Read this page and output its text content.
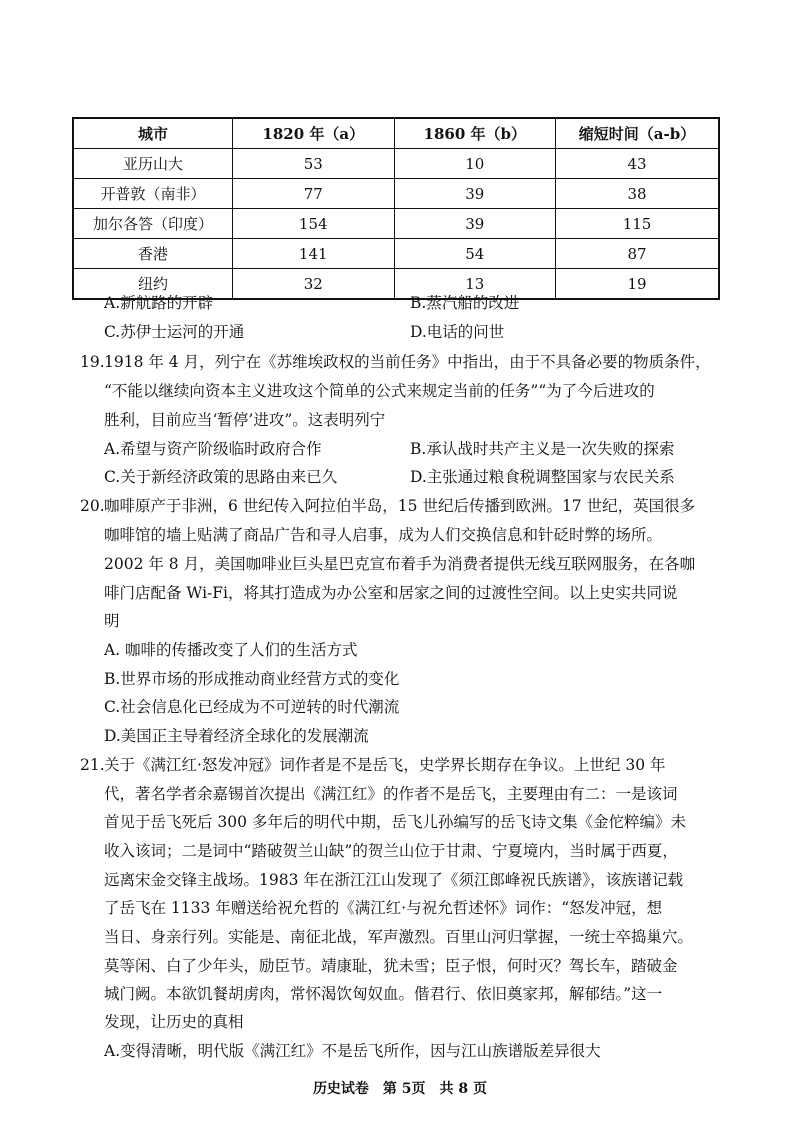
城市	1820 年（a）	1860 年（b）	缩短时间（a-b）
亚历山大	53	10	43
开普敦（南非）	77	39	38
加尔各答（印度）	154	39	115
香港	141	54	87
纽约	32	13	19
A.新航路的开辟	B.蒸汽船的改进
C.苏伊士运河的开通	D.电话的问世
19. 1918 年 4 月，列宁在《苏维埃政权的当前任务》中指出，由于不具备必要的物质条件，
“不能以继续向资本主义进攻这个简单的公式来规定当前的任务”“为了今后进攻的
胜利，目前应当‘暂停’进攻”。这表明列宁
A.希望与资产阶级临时政府合作	B.承认战时共产主义是一次失败的探索
C.关于新经济政策的思路由来已久	D.主张通过粮食税调整国家与农民关系
20. 咖啡原产于非洲，6 世纪传入阿拉伯半岛，15 世纪后传播到欧洲。17 世纪，英国很多
咖啡馆的墙上贴满了商品广告和寻人启事，成为人们交换信息和针砭时弊的场所。
2002 年 8 月，美国咖啡业巨头星巴克宣布着手为消费者提供无线互联网服务，在各咖
啡门店配备 Wi-Fi，将其打造成为办公室和居家之间的过渡性空间。以上史实共同说
明
A. 咖啡的传播改变了人们的生活方式
B.世界市场的形成推动商业经营方式的变化
C.社会信息化已经成为不可逆转的时代潮流
D.美国正主导着经济全球化的发展潮流
21. 关于《满江红·怒发冲冠》词作者是不是岳飞，史学界长期存在争议。上世纪 30 年
代，著名学者余嘉锡首次提出《满江红》的作者不是岳飞，主要理由有二：一是该词
首见于岳飞死后 300 多年后的明代中期，岳飞儿孙编写的岳飞诗文集《金佗粹编》未
收入该词；二是词中“踏破贺兰山缺”的贺兰山位于甘肃、宁夏境内，当时属于西夏，
远离宋金交锋主战场。1983 年在浙江江山发现了《须江郎峰祝氏族谱》，该族谱记载
了岳飞在 1133 年赠送给祝允哲的《满江红·与祝允哲述怀》词作：“怒发冲冠，想
当日、身亲行列。实能是、南征北战，军声激烈。百里山河归掌握，一统士卒捣巢穴。
莫等闲、白了少年头，励臣节。靖康耻，犹未雪；臣子恨，何时灭？驾长车，踏破金
城门阙。本欲饥餐胡虏肉，常怀渴饮匈奴血。偕君行、依旧奠家邦，解郁结。”这一
发现，让历史的真相
A.变得清晰，明代版《满江红》不是岳飞所作，因与江山族谱版差异很大
历史试卷　第 5页　共 8 页
